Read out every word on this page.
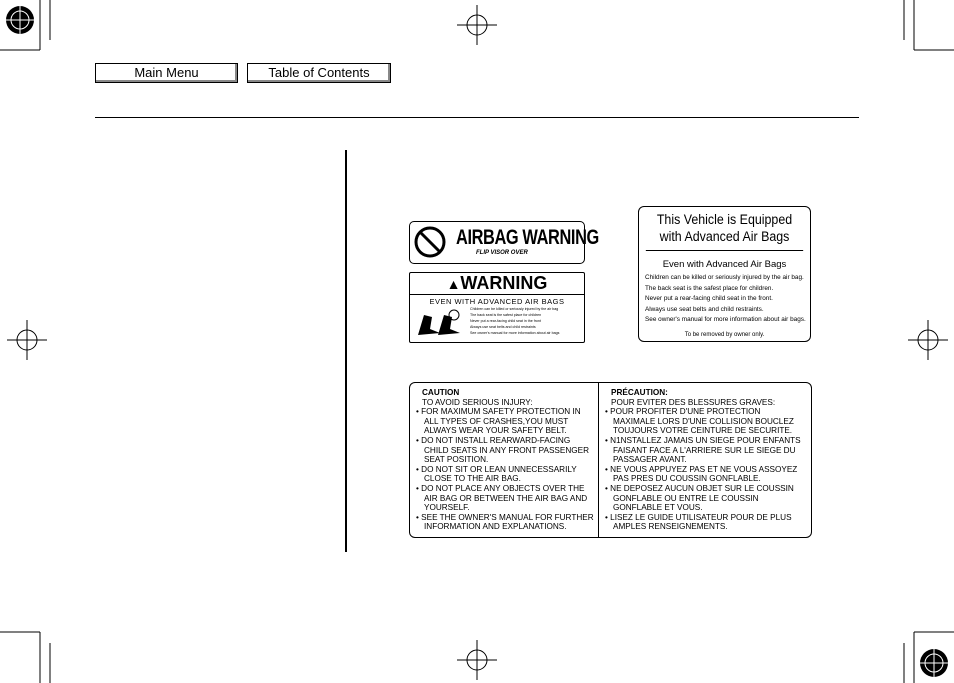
Main Menu	Table of Contents
AIRBAG WARNING
FLIP VISOR OVER
▲WARNING
EVEN WITH ADVANCED AIR BAGS
Children can be killed or seriously injured by the air bag
The back seat is the safest place for children
Never put a rear-facing child seat in the front
Always use seat belts and child restraints
See owner's manual for more information about air bags
This Vehicle is Equipped with Advanced Air Bags
Even with Advanced Air Bags
Children can be killed or seriously injured by the air bag.
The back seat is the safest place for children.
Never put a rear-facing child seat in the front.
Always use seat belts and child restraints.
See owner's manual for more information about air bags.
To be removed by owner only.
CAUTION
TO AVOID SERIOUS INJURY:
• FOR MAXIMUM SAFETY PROTECTION IN ALL TYPES OF CRASHES,YOU MUST ALWAYS WEAR YOUR SAFETY BELT.
• DO NOT INSTALL REARWARD-FACING CHILD SEATS IN ANY FRONT PASSENGER SEAT POSITION.
• DO NOT SIT OR LEAN UNNECESSARILY CLOSE TO THE AIR BAG.
• DO NOT PLACE ANY OBJECTS OVER THE AIR BAG OR BETWEEN THE AIR BAG AND YOURSELF.
• SEE THE OWNER'S MANUAL FOR FURTHER INFORMATION AND EXPLANATIONS.
PRÉCAUTION:
POUR EVITER DES BLESSURES GRAVES:
• POUR PROFITER D'UNE PROTECTION MAXIMALE LORS D'UNE COLLISION BOUCLEZ TOUJOURS VOTRE CEINTURE DE SECURITE.
• N1NSTALLEZ JAMAIS UN SIEGE POUR ENFANTS FAISANT FACE A L'ARRIERE SUR LE SIEGE DU PASSAGER AVANT.
• NE VOUS APPUYEZ PAS ET NE VOUS ASSOYEZ PAS PRES DU COUSSIN GONFLABLE.
• NE DEPOSEZ AUCUN OBJET SUR LE COUSSIN GONFLABLE OU ENTRE LE COUSSIN GONFLABLE ET VOUS.
• LISEZ LE GUIDE UTILISATEUR POUR DE PLUS AMPLES RENSEIGNEMENTS.
